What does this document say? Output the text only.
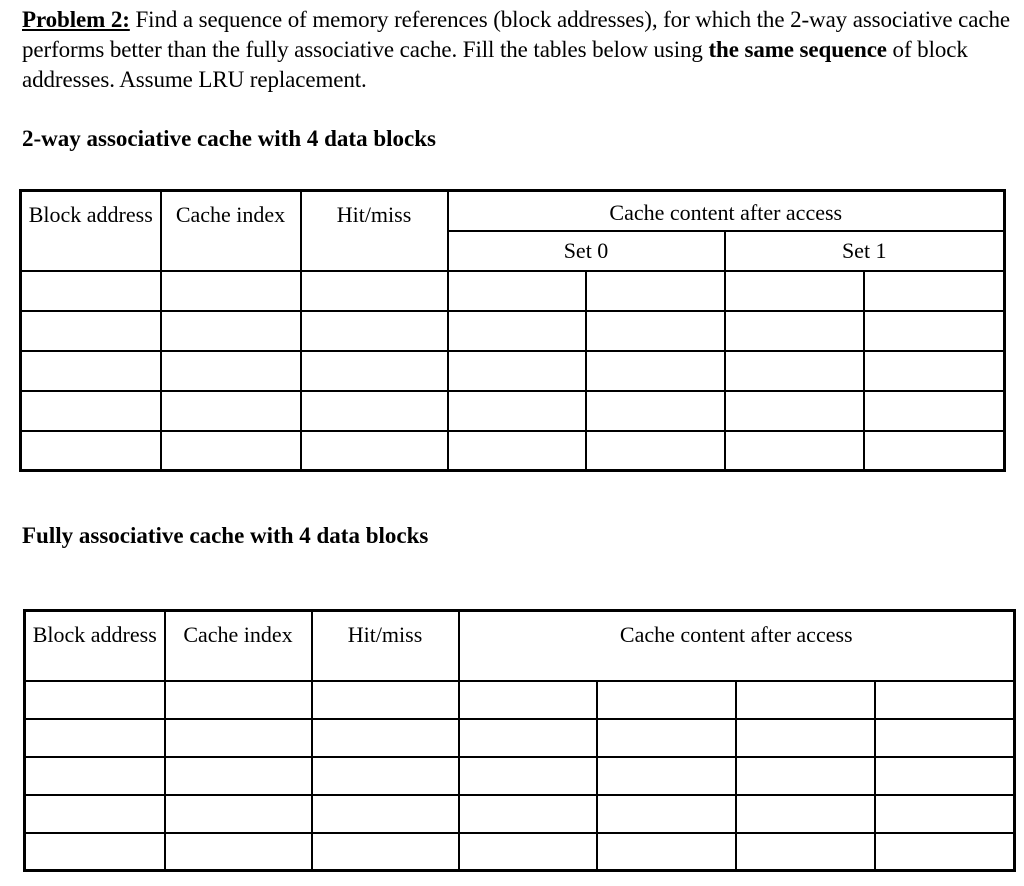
Problem 2: Find a sequence of memory references (block addresses), for which the 2-way associative cache performs better than the fully associative cache. Fill the tables below using the same sequence of block addresses. Assume LRU replacement.
2-way associative cache with 4 data blocks
Block address	Cache index	Hit/miss	Cache content after access			
			Set 0		Set 1	

Fully associative cache with 4 data blocks
Block address	Cache index	Hit/miss	Cache content after access			
